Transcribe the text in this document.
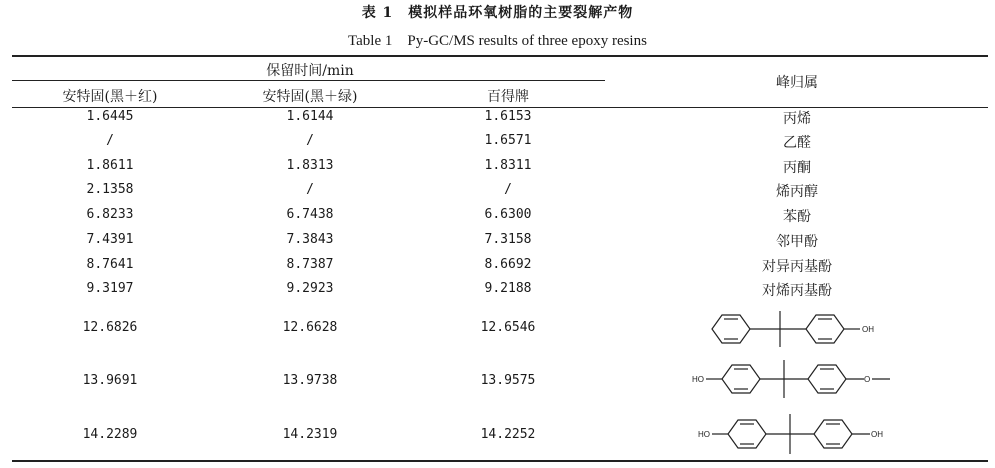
表 1　模拟样品环氧树脂的主要裂解产物
Table 1　Py-GC/MS results of three epoxy resins
保留时间/min
安特固(黑＋红)	安特固(黑＋绿)	百得牌
峰归属
1.6445	1.6144	1.6153	丙烯
/	/	1.6571	乙醛
1.8611	1.8313	1.8311	丙酮
2.1358	/	/	烯丙醇
6.8233	6.7438	6.6300	苯酚
7.4391	7.3843	7.3158	邻甲酚
8.7641	8.7387	8.6692	对异丙基酚
9.3197	9.2923	9.2188	对烯丙基酚
12.6826	12.6628	12.6546
13.9691	13.9738	13.9575
14.2289	14.2319	14.2252
OH
HO	O
HO	OH
